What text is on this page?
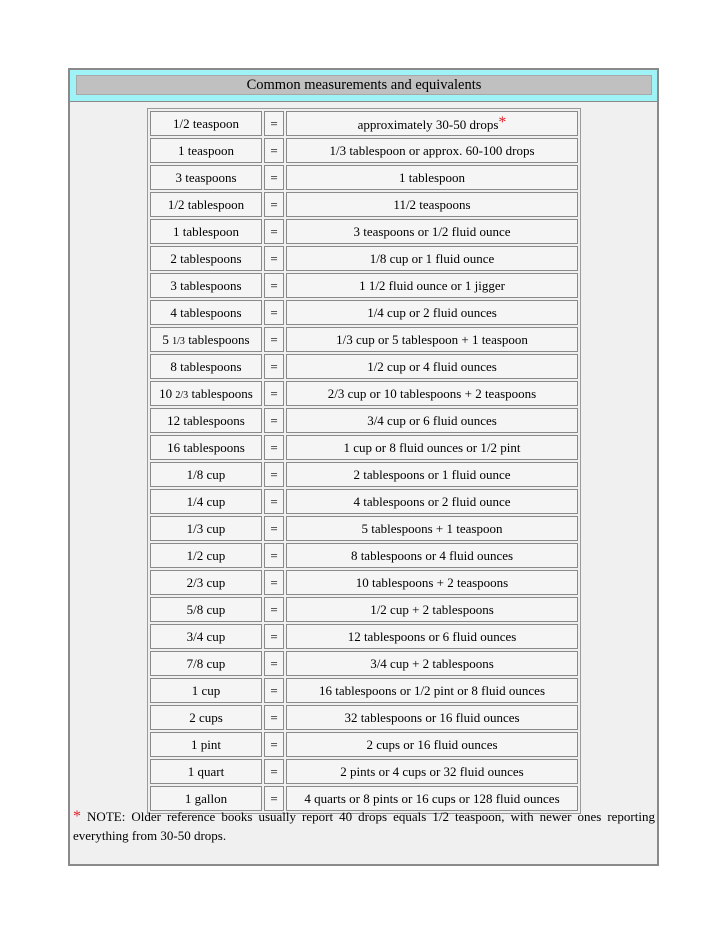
Common measurements and equivalents
1/2 teaspoon	=	approximately 30-50 drops*
1 teaspoon	=	1/3 tablespoon or approx. 60-100 drops
3 teaspoons	=	1 tablespoon
1/2 tablespoon	=	11/2 teaspoons
1 tablespoon	=	3 teaspoons or 1/2 fluid ounce
2 tablespoons	=	1/8 cup or 1 fluid ounce
3 tablespoons	=	1 1/2 fluid ounce or 1 jigger
4 tablespoons	=	1/4 cup or 2 fluid ounces
5 1/3 tablespoons	=	1/3 cup or 5 tablespoon + 1 teaspoon
8 tablespoons	=	1/2 cup or 4 fluid ounces
10 2/3 tablespoons	=	2/3 cup or 10 tablespoons + 2 teaspoons
12 tablespoons	=	3/4 cup or 6 fluid ounces
16 tablespoons	=	1 cup or 8 fluid ounces or 1/2 pint
1/8 cup	=	2 tablespoons or 1 fluid ounce
1/4 cup	=	4 tablespoons or 2 fluid ounce
1/3 cup	=	5 tablespoons + 1 teaspoon
1/2 cup	=	8 tablespoons or 4 fluid ounces
2/3 cup	=	10 tablespoons + 2 teaspoons
5/8 cup	=	1/2 cup + 2 tablespoons
3/4 cup	=	12 tablespoons or 6 fluid ounces
7/8 cup	=	3/4 cup + 2 tablespoons
1 cup	=	16 tablespoons or 1/2 pint or 8 fluid ounces
2 cups	=	32 tablespoons or 16 fluid ounces
1 pint	=	2 cups or 16 fluid ounces
1 quart	=	2 pints or 4 cups or 32 fluid ounces
1 gallon	=	4 quarts or 8 pints or 16 cups or 128 fluid ounces
* NOTE: Older reference books usually report 40 drops equals 1/2 teaspoon, with newer ones reporting everything from 30-50 drops.
